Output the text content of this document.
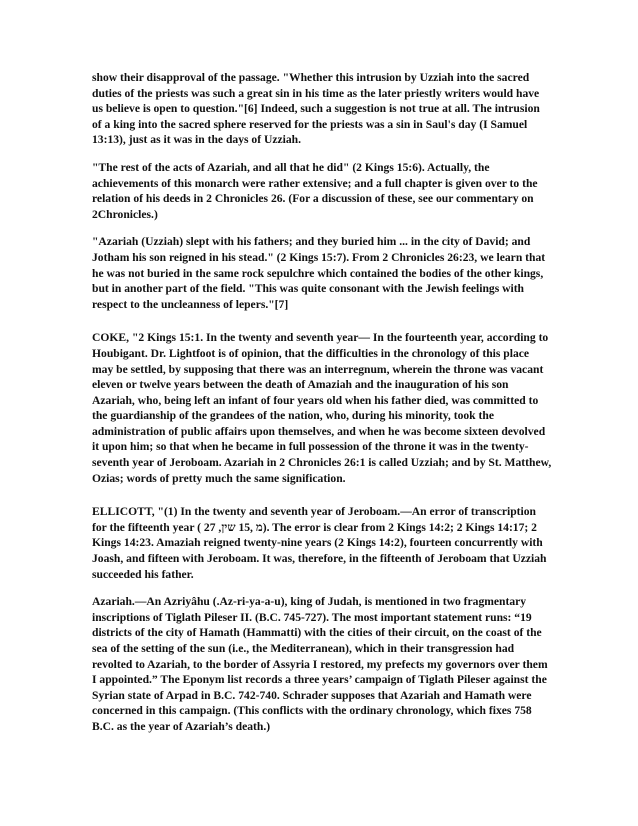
show their disapproval of the passage. "Whether this intrusion by Uzziah into the sacred duties of the priests was such a great sin in his time as the later priestly writers would have us believe is open to question."[6] Indeed, such a suggestion is not true at all. The intrusion of a king into the sacred sphere reserved for the priests was a sin in Saul's day (I Samuel 13:13), just as it was in the days of Uzziah.

"The rest of the acts of Azariah, and all that he did" (2 Kings 15:6). Actually, the achievements of this monarch were rather extensive; and a full chapter is given over to the relation of his deeds in 2 Chronicles 26. (For a discussion of these, see our commentary on 2Chronicles.)

"Azariah (Uzziah) slept with his fathers; and they buried him ... in the city of David; and Jotham his son reigned in his stead." (2 Kings 15:7). From 2 Chronicles 26:23, we learn that he was not buried in the same rock sepulchre which contained the bodies of the other kings, but in another part of the field. "This was quite consonant with the Jewish feelings with respect to the uncleanness of lepers."[7]

COKE, "2 Kings 15:1. In the twenty and seventh year— In the fourteenth year, according to Houbigant. Dr. Lightfoot is of opinion, that the difficulties in the chronology of this place may be settled, by supposing that there was an interregnum, wherein the throne was vacant eleven or twelve years between the death of Amaziah and the inauguration of his son Azariah, who, being left an infant of four years old when his father died, was committed to the guardianship of the grandees of the nation, who, during his minority, took the administration of public affairs upon themselves, and when he was become sixteen devolved it upon him; so that when he became in full possession of the throne it was in the twenty-seventh year of Jeroboam. Azariah in 2 Chronicles 26:1 is called Uzziah; and by St. Matthew, Ozias; words of pretty much the same signification.

ELLICOTT, "(1) In the twenty and seventh year of Jeroboam.—An error of transcription for the fifteenth year ( 27 ,מ ,15 שין). The error is clear from 2 Kings 14:2; 2 Kings 14:17; 2 Kings 14:23. Amaziah reigned twenty-nine years (2 Kings 14:2), fourteen concurrently with Joash, and fifteen with Jeroboam. It was, therefore, in the fifteenth of Jeroboam that Uzziah succeeded his father.

Azariah.—An Azriyâhu (.Az-ri-ya-a-u), king of Judah, is mentioned in two fragmentary inscriptions of Tiglath Pileser II. (B.C. 745-727). The most important statement runs: “19 districts of the city of Hamath (Hammatti) with the cities of their circuit, on the coast of the sea of the setting of the sun (i.e., the Mediterranean), which in their transgression had revolted to Azariah, to the border of Assyria I restored, my prefects my governors over them I appointed.” The Eponym list records a three years’ campaign of Tiglath Pileser against the Syrian state of Arpad in B.C. 742-740. Schrader supposes that Azariah and Hamath were concerned in this campaign. (This conflicts with the ordinary chronology, which fixes 758 B.C. as the year of Azariah’s death.)
